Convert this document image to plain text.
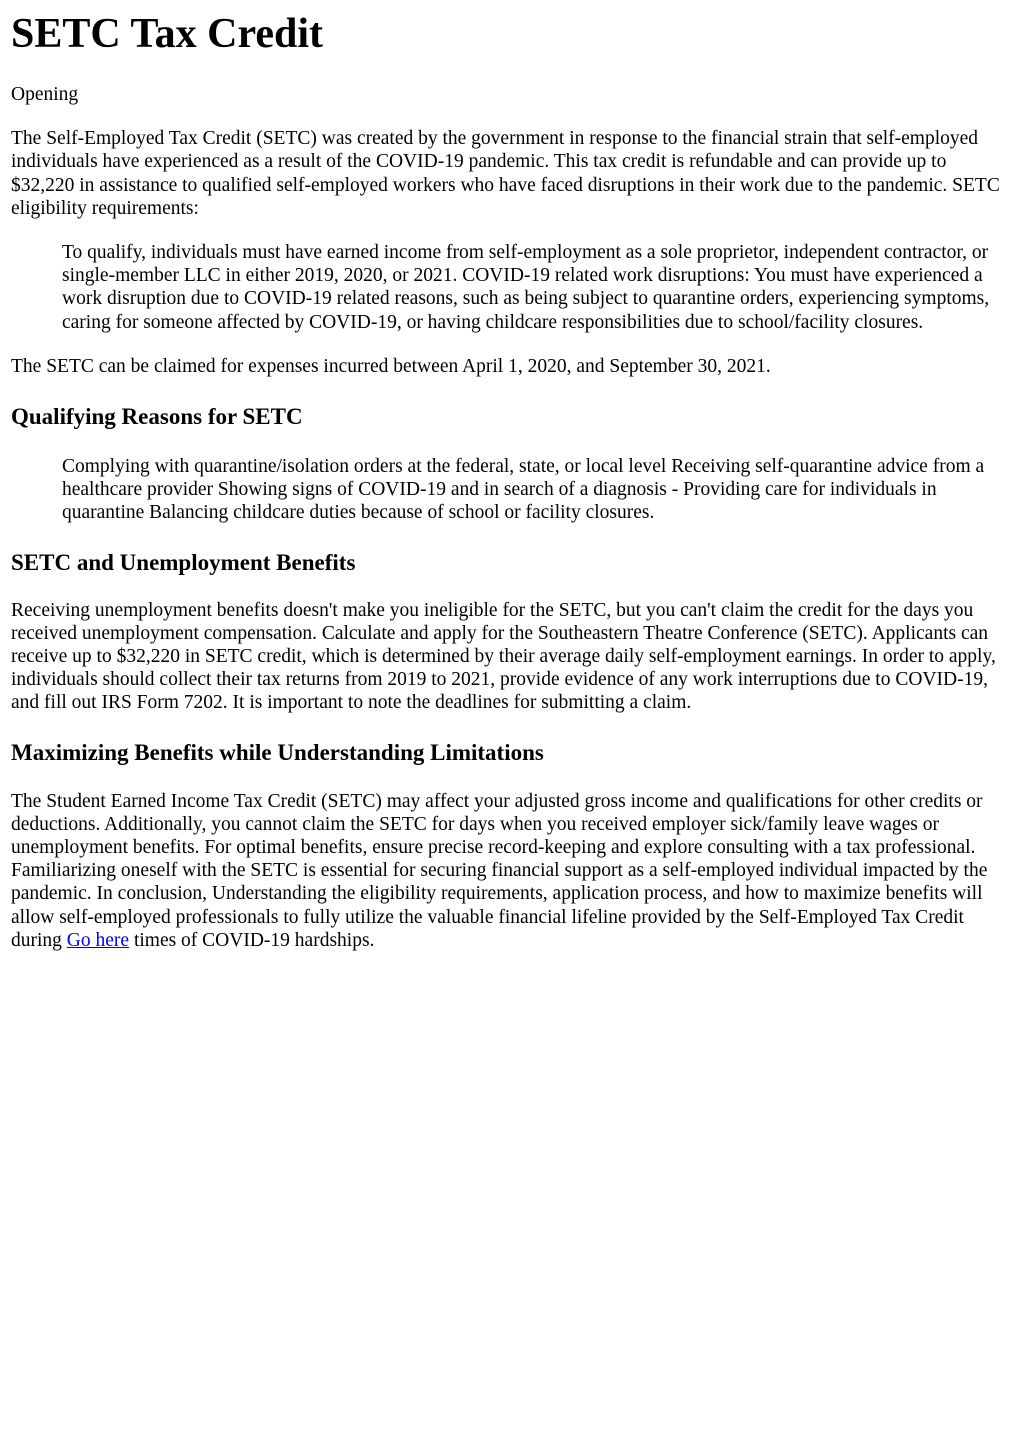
SETC Tax Credit

Opening

The Self-Employed Tax Credit (SETC) was created by the government in response to the financial strain that self-employed individuals have experienced as a result of the COVID-19 pandemic. This tax credit is refundable and can provide up to $32,220 in assistance to qualified self-employed workers who have faced disruptions in their work due to the pandemic. SETC eligibility requirements:

To qualify, individuals must have earned income from self-employment as a sole proprietor, independent contractor, or single-member LLC in either 2019, 2020, or 2021. COVID-19 related work disruptions: You must have experienced a work disruption due to COVID-19 related reasons, such as being subject to quarantine orders, experiencing symptoms, caring for someone affected by COVID-19, or having childcare responsibilities due to school/facility closures.

The SETC can be claimed for expenses incurred between April 1, 2020, and September 30, 2021.

Qualifying Reasons for SETC
Complying with quarantine/isolation orders at the federal, state, or local level Receiving self-quarantine advice from a healthcare provider Showing signs of COVID-19 and in search of a diagnosis - Providing care for individuals in quarantine Balancing childcare duties because of school or facility closures.
SETC and Unemployment Benefits

Receiving unemployment benefits doesn't make you ineligible for the SETC, but you can't claim the credit for the days you received unemployment compensation. Calculate and apply for the Southeastern Theatre Conference (SETC). Applicants can receive up to $32,220 in SETC credit, which is determined by their average daily self-employment earnings. In order to apply, individuals should collect their tax returns from 2019 to 2021, provide evidence of any work interruptions due to COVID-19, and fill out IRS Form 7202. It is important to note the deadlines for submitting a claim.

Maximizing Benefits while Understanding Limitations

The Student Earned Income Tax Credit (SETC) may affect your adjusted gross income and qualifications for other credits or deductions. Additionally, you cannot claim the SETC for days when you received employer sick/family leave wages or unemployment benefits. For optimal benefits, ensure precise record-keeping and explore consulting with a tax professional. Familiarizing oneself with the SETC is essential for securing financial support as a self-employed individual impacted by the pandemic. In conclusion, Understanding the eligibility requirements, application process, and how to maximize benefits will allow self-employed professionals to fully utilize the valuable financial lifeline provided by the Self-Employed Tax Credit during Go here times of COVID-19 hardships.
